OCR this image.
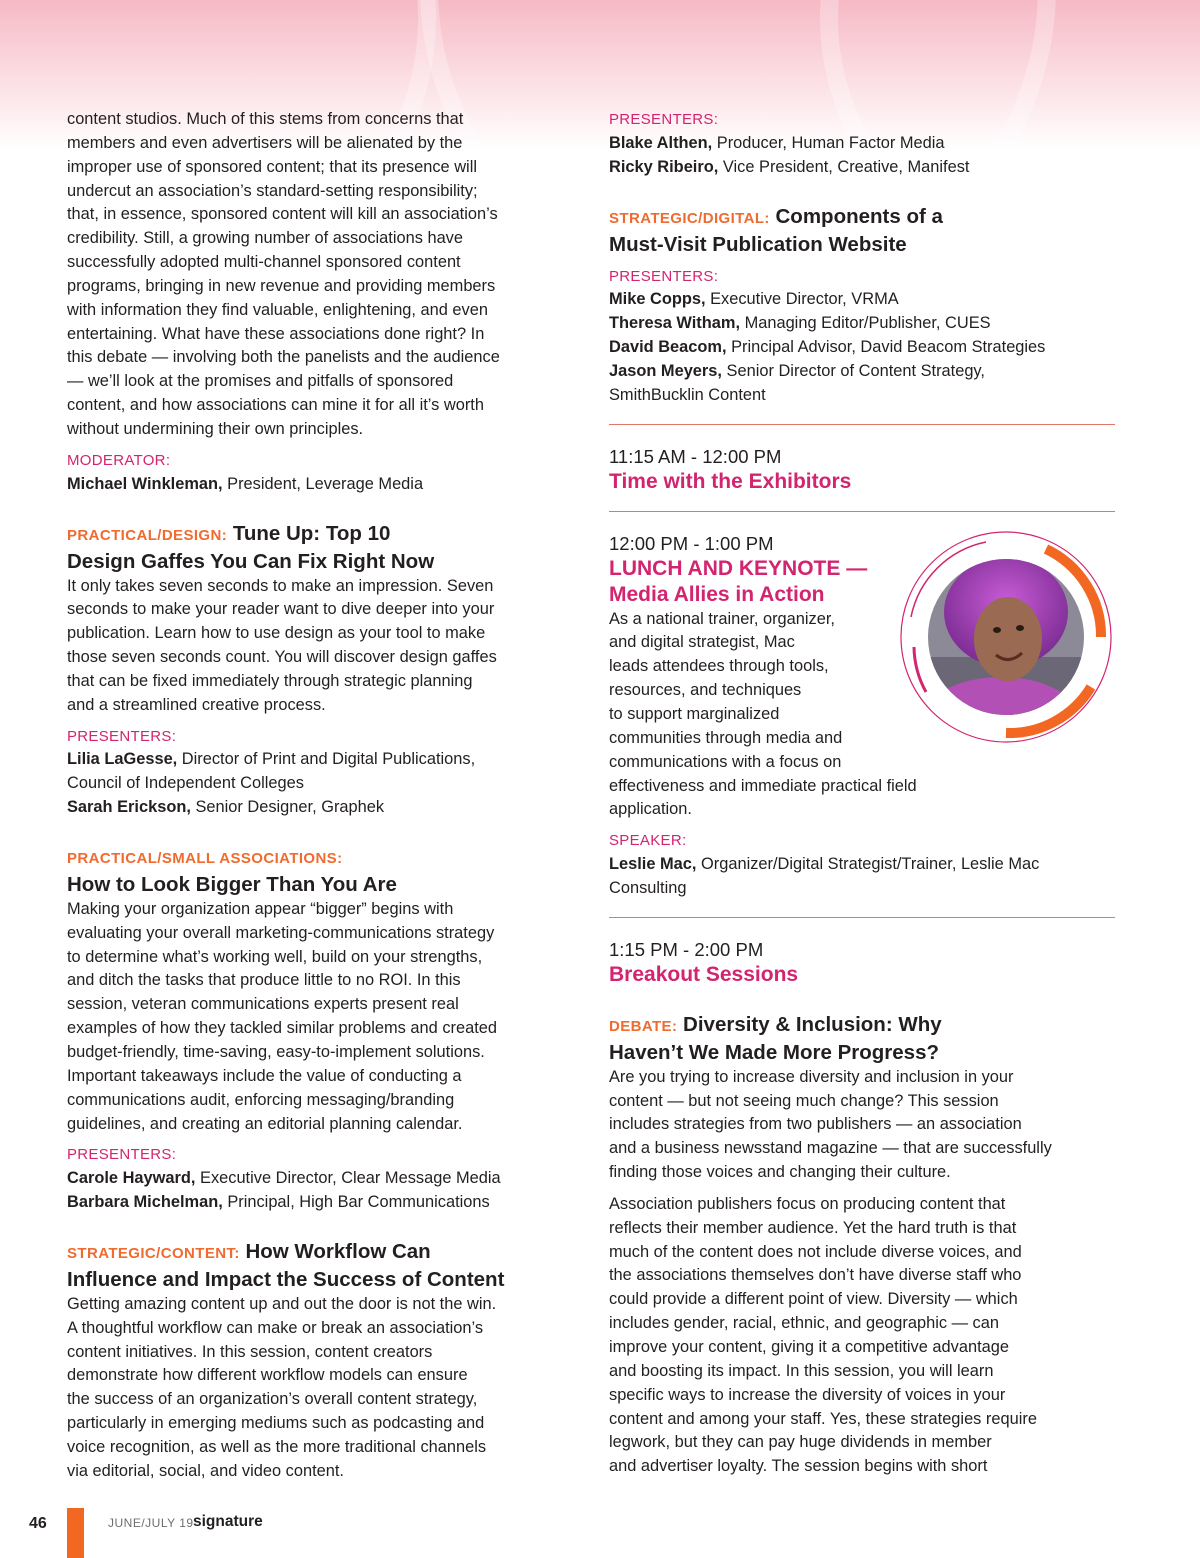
content studios. Much of this stems from concerns that

members and even advertisers will be alienated by the

improper use of sponsored content; that its presence will

undercut an association’s standard-setting responsibility;

that, in essence, sponsored content will kill an association’s

credibility. Still, a growing number of associations have

successfully adopted multi-channel sponsored content

programs, bringing in new revenue and providing members

with information they find valuable, enlightening, and even

entertaining. What have these associations done right? In

this debate — involving both the panelists and the audience

— we’ll look at the promises and pitfalls of sponsored

content, and how associations can mine it for all it’s worth

without undermining their own principles.

MODERATOR:

Michael Winkleman, President, Leverage Media

PRACTICAL/DESIGN: Tune Up: Top 10
Design Gaffes You Can Fix Right Now

It only takes seven seconds to make an impression. Seven

seconds to make your reader want to dive deeper into your

publication. Learn how to use design as your tool to make

those seven seconds count. You will discover design gaffes

that can be fixed immediately through strategic planning

and a streamlined creative process.

PRESENTERS:

Lilia LaGesse, Director of Print and Digital Publications,

Council of Independent Colleges

Sarah Erickson, Senior Designer, Graphek

PRACTICAL/SMALL ASSOCIATIONS:
How to Look Bigger Than You Are

Making your organization appear “bigger” begins with

evaluating your overall marketing-communications strategy

to determine what’s working well, build on your strengths,

and ditch the tasks that produce little to no ROI. In this

session, veteran communications experts present real

examples of how they tackled similar problems and created

budget-friendly, time-saving, easy-to-implement solutions.

Important takeaways include the value of conducting a

communications audit, enforcing messaging/branding

guidelines, and creating an editorial planning calendar.

PRESENTERS:

Carole Hayward, Executive Director, Clear Message Media

Barbara Michelman, Principal, High Bar Communications

STRATEGIC/CONTENT: How Workflow Can
Influence and Impact the Success of Content

Getting amazing content up and out the door is not the win.

A thoughtful workflow can make or break an association’s

content initiatives. In this session, content creators

demonstrate how different workflow models can ensure

the success of an organization’s overall content strategy,

particularly in emerging mediums such as podcasting and

voice recognition, as well as the more traditional channels

via editorial, social, and video content.

PRESENTERS:

Blake Althen, Producer, Human Factor Media

Ricky Ribeiro, Vice President, Creative, Manifest

STRATEGIC/DIGITAL: Components of a
Must-Visit Publication Website

PRESENTERS:

Mike Copps, Executive Director, VRMA

Theresa Witham, Managing Editor/Publisher, CUES

David Beacom, Principal Advisor, David Beacom Strategies

Jason Meyers, Senior Director of Content Strategy,

SmithBucklin Content

11:15 AM - 12:00 PM

Time with the Exhibitors

12:00 PM - 1:00 PM

LUNCH AND KEYNOTE —
Media Allies in Action

As a national trainer, organizer,

and digital strategist, Mac

leads attendees through tools,

resources, and techniques

to support marginalized

communities through media and

communications with a focus on

effectiveness and immediate practical field

application.

SPEAKER:

Leslie Mac, Organizer/Digital Strategist/Trainer, Leslie Mac

Consulting

1:15 PM - 2:00 PM

Breakout Sessions

DEBATE: Diversity & Inclusion: Why
Haven’t We Made More Progress?

Are you trying to increase diversity and inclusion in your

content — but not seeing much change? This session

includes strategies from two publishers — an association

and a business newsstand magazine — that are successfully

finding those voices and changing their culture.

Association publishers focus on producing content that

reflects their member audience. Yet the hard truth is that

much of the content does not include diverse voices, and

the associations themselves don’t have diverse staff who

could provide a different point of view. Diversity — which

includes gender, racial, ethnic, and geographic — can

improve your content, giving it a competitive advantage

and boosting its impact. In this session, you will learn

specific ways to increase the diversity of voices in your

content and among your staff. Yes, these strategies require

legwork, but they can pay huge dividends in member

and advertiser loyalty. The session begins with short

46	JUNE/JULY 19 signature
